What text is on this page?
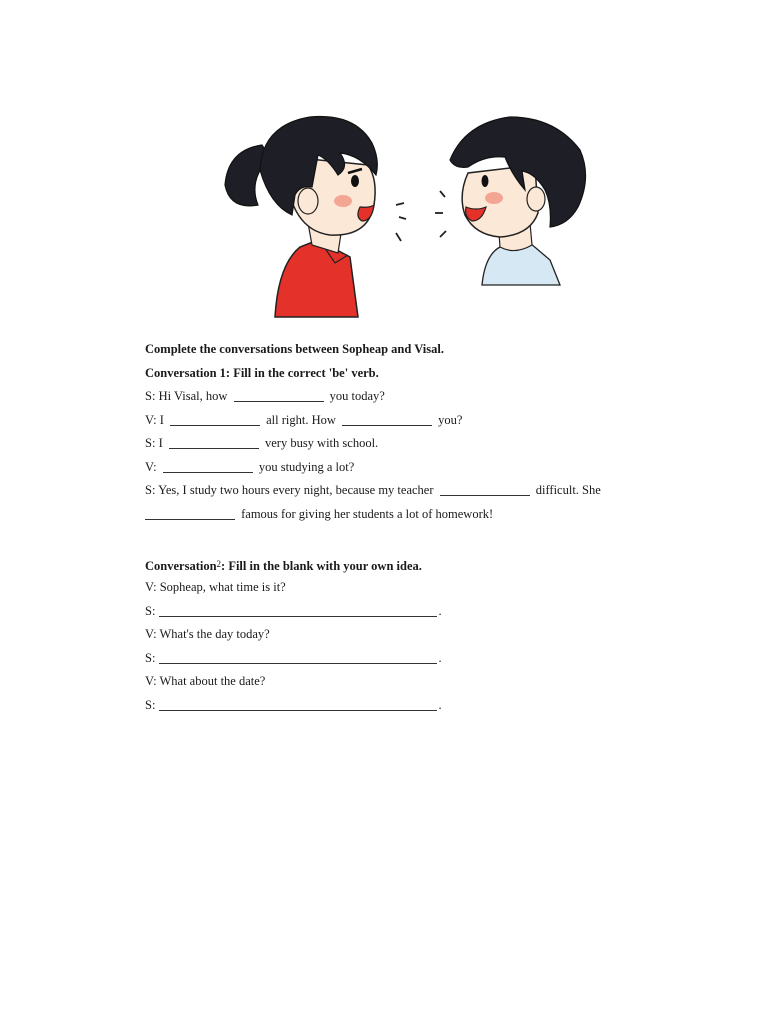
Complete the conversations between Sopheap and Visal.

Conversation 1: Fill in the correct 'be' verb.

S: Hi Visal, how	you today?

V: I	all right. How	you?

S: I	very busy with school.

V:	you studying a lot?

S: Yes, I study two hours every night, because my teacher	difficult. She

famous for giving her students a lot of homework!

Conversation$^2$: Fill in the blank with your own idea.

V: Sopheap, what time is it?

S:	.

V: What's the day today?

S:	.

V: What about the date?

S:	.
